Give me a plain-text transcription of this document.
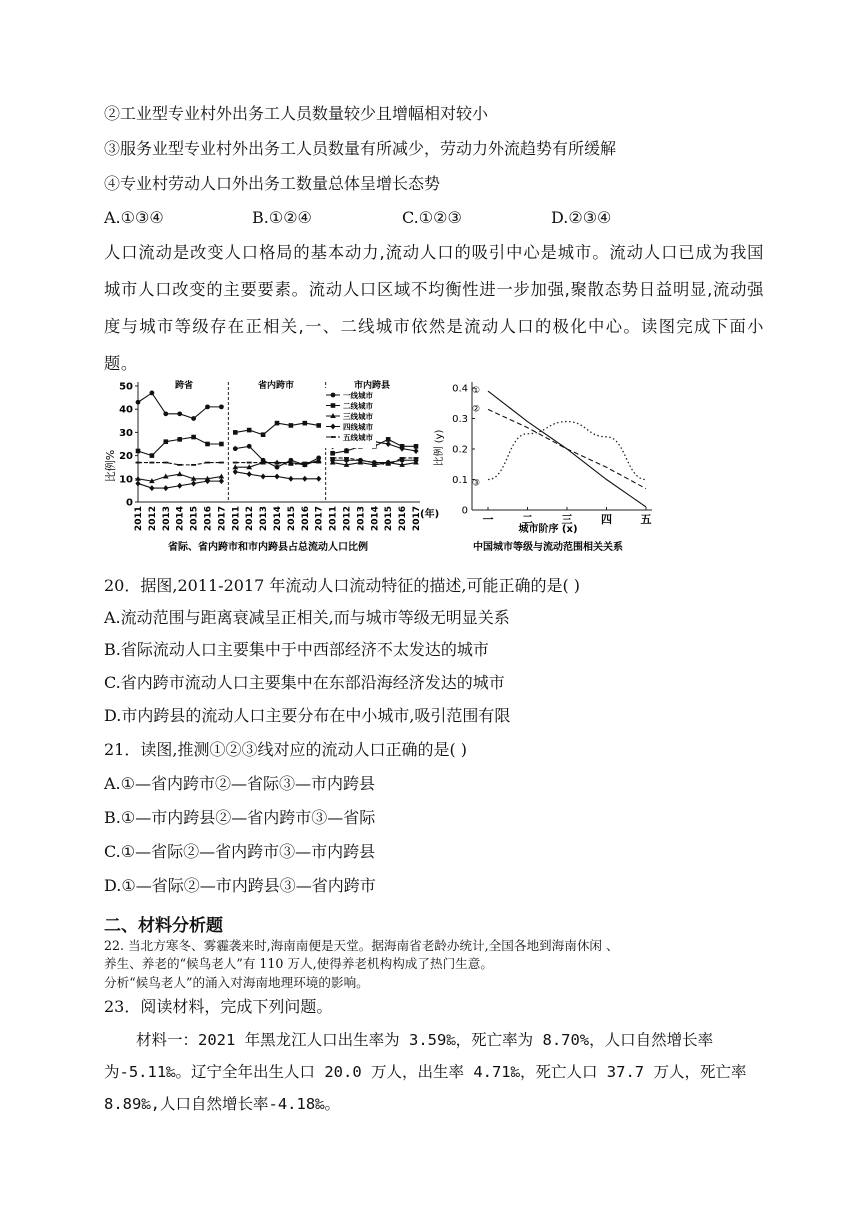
②工业型专业村外出务工人员数量较少且增幅相对较小
③服务业型专业村外出务工人员数量有所减少，劳动力外流趋势有所缓解
④专业村劳动人口外出务工数量总体呈增长态势
A.①③④	B.①②④	C.①②③	D.②③④
人口流动是改变人口格局的基本动力,流动人口的吸引中心是城市。流动人口已成为我国城市人口改变的主要要素。流动人口区域不均衡性进一步加强,聚散态势日益明显,流动强度与城市等级存在正相关,一、二线城市依然是流动人口的极化中心。读图完成下面小题。
0
10
20
30
40
50
2011 2012 2013 2014 2015 2016 2017 2011 2012 2013 2014 2015 2016 2017 2011 2012 2013 2014 2015 2016 2017
一线城市
二线城市
三线城市
四线城市
五线城市
比例%
跨省	省内跨市	市内跨县
(年)
省际、省内跨市和市内跨县占总流动人口比例
0
0.1
0.2
0.3
0.4
一	二	三	四	五
①
②
③
比例 (y)
城市阶序 (x)
中国城市等级与流动范围相关关系
20．据图,2011-2017 年流动人口流动特征的描述,可能正确的是( )
A.流动范围与距离衰减呈正相关,而与城市等级无明显关系
B.省际流动人口主要集中于中西部经济不太发达的城市
C.省内跨市流动人口主要集中在东部沿海经济发达的城市
D.市内跨县的流动人口主要分布在中小城市,吸引范围有限
21．读图,推测①②③线对应的流动人口正确的是( )
A.①—省内跨市②—省际③—市内跨县
B.①—市内跨县②—省内跨市③—省际
C.①—省际②—省内跨市③—市内跨县
D.①—省际②—市内跨县③—省内跨市
二、材料分析题
22. 当北方寒冬、雾霾袭来时,海南南便是天堂。据海南省老龄办统计,全国各地到海南休闲 、
养生、养老的“候鸟老人”有 110 万人,使得养老机构构成了热门生意。
分析“候鸟老人”的涌入对海南地理环境的影响。
23．阅读材料，完成下列问题。
材料一：2021 年黑龙江人口出生率为 3.59‰，死亡率为 8.70%，人口自然增长率为-5.11‰。辽宁全年出生人口 20.0 万人，出生率 4.71‰，死亡人口 37.7 万人，死亡率 8.89‰,人口自然增长率-4.18‰。
